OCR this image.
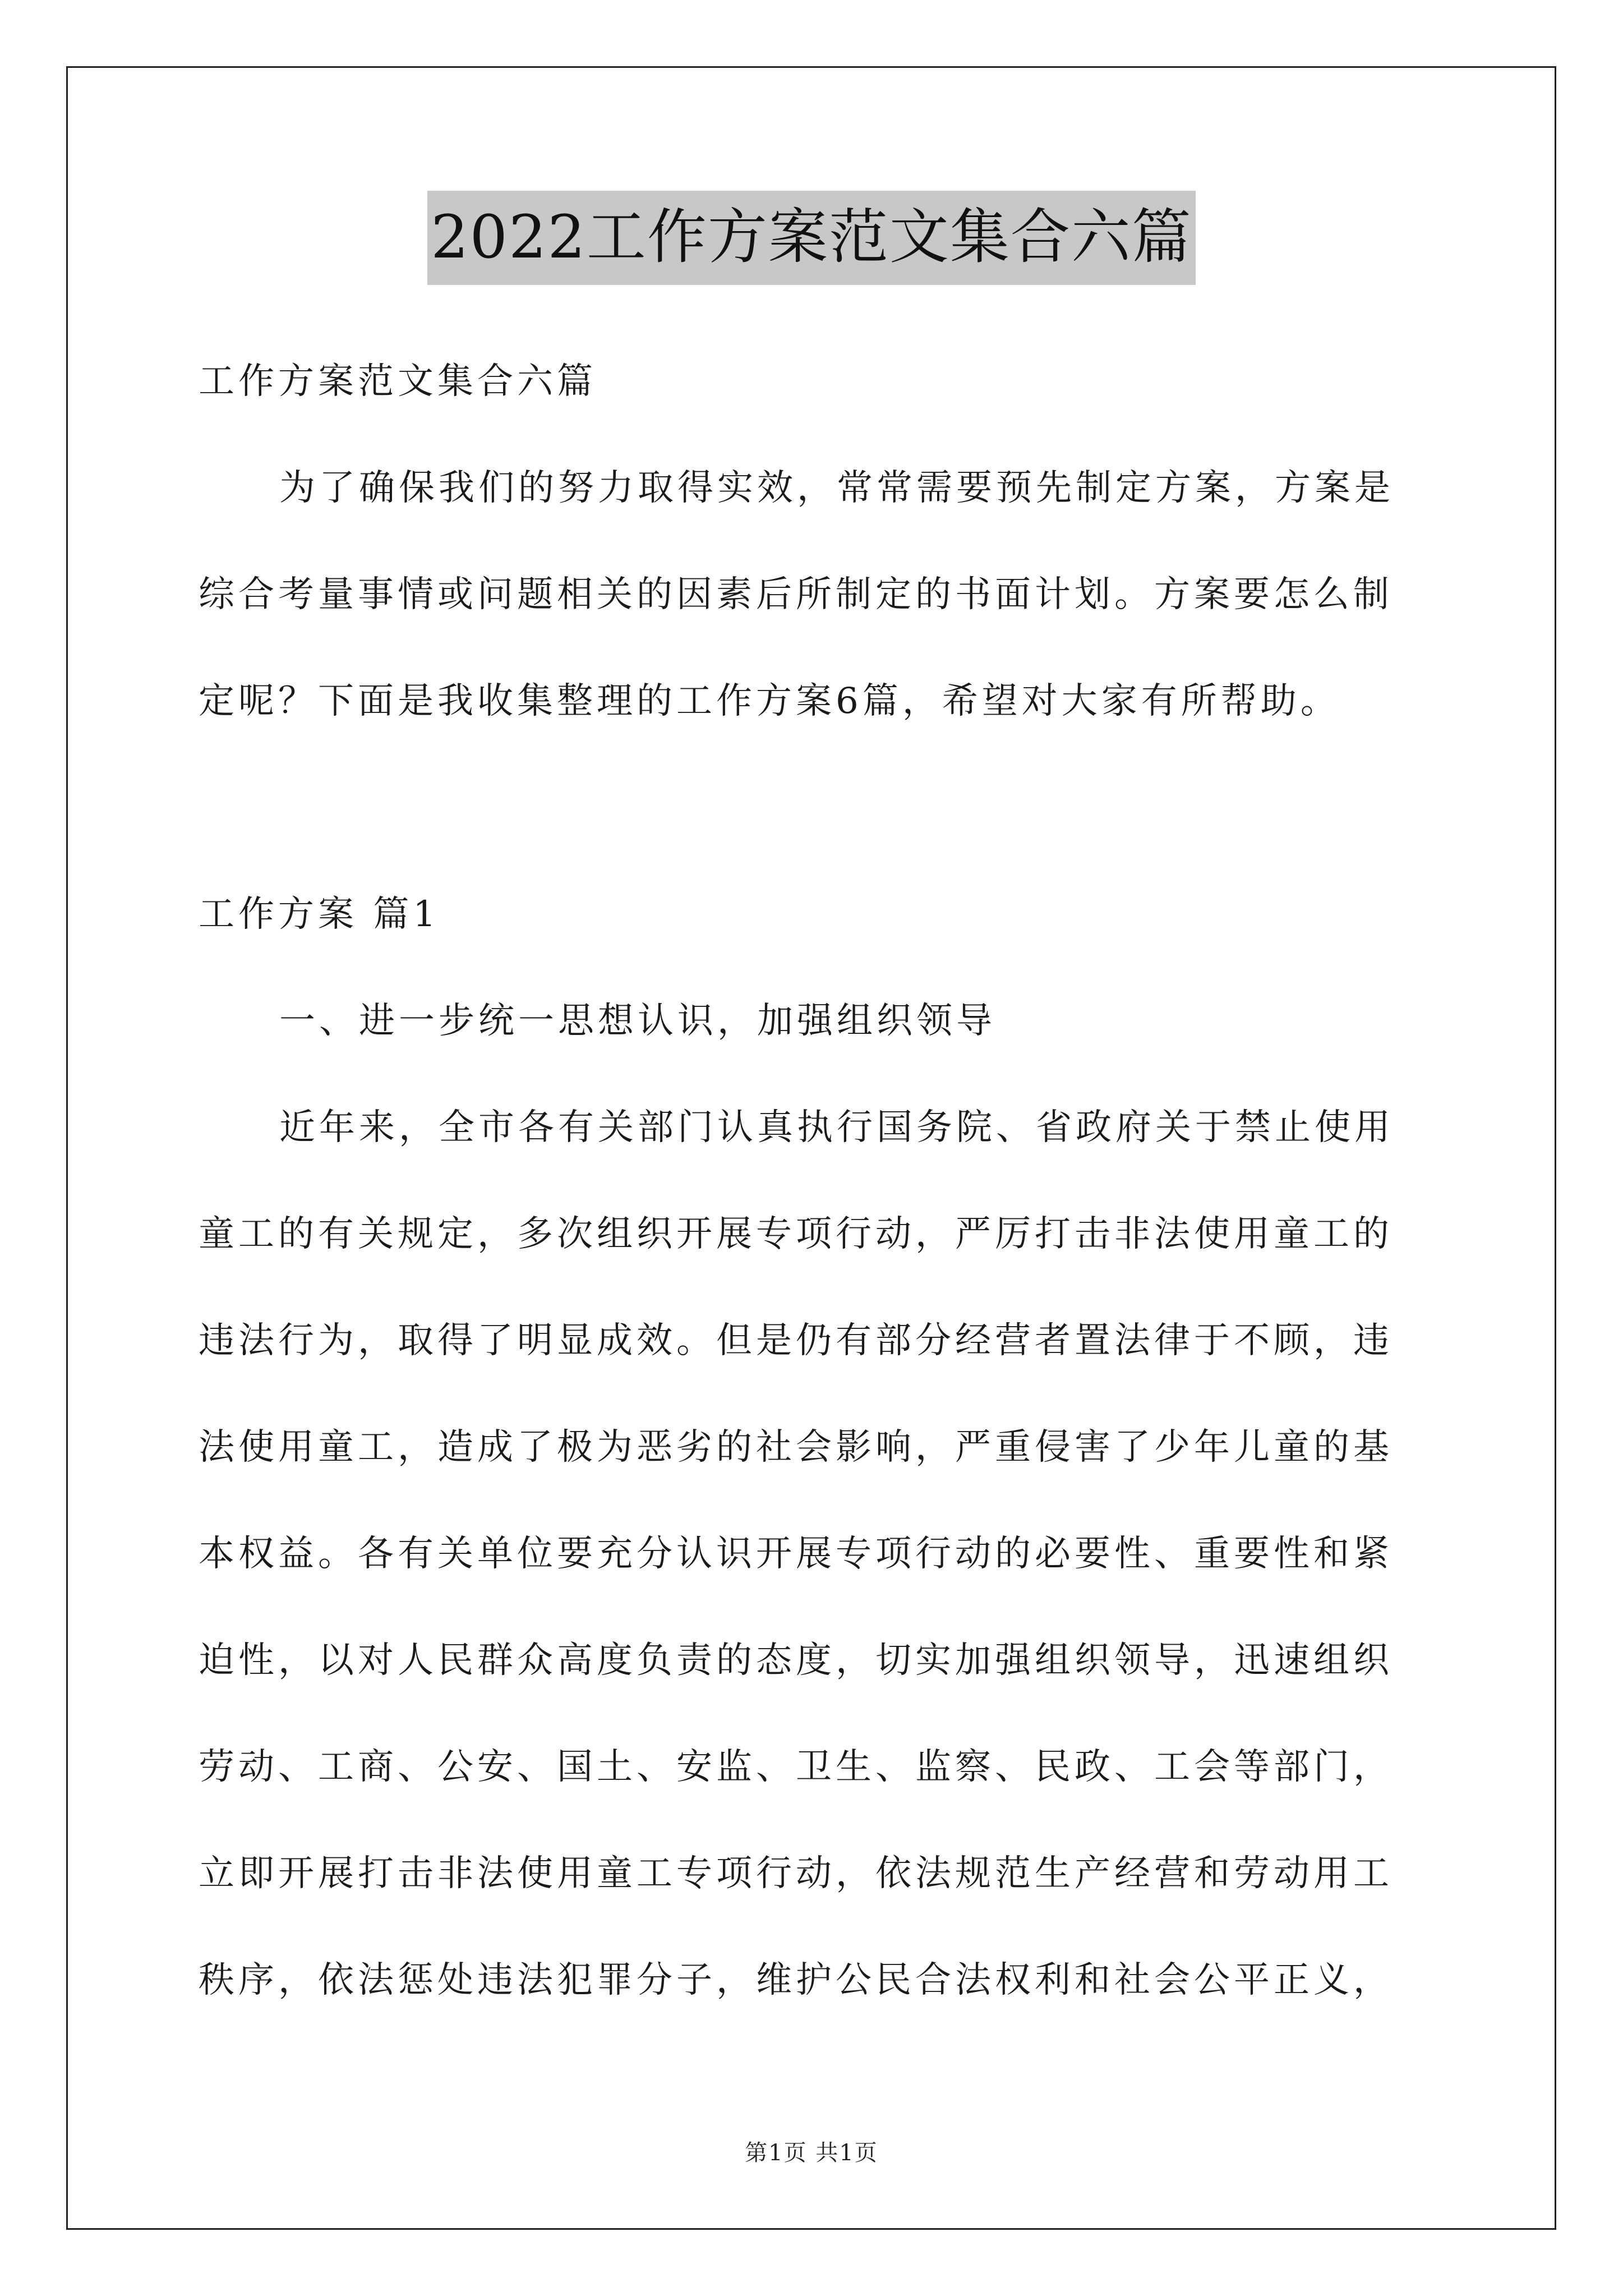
2022工作方案范文集合六篇
工作方案范文集合六篇
为了确保我们的努力取得实效，常常需要预先制定方案，方案是
综合考量事情或问题相关的因素后所制定的书面计划。方案要怎么制
定呢？下面是我收集整理的工作方案6篇，希望对大家有所帮助。
工作方案 篇1
一、进一步统一思想认识，加强组织领导
近年来，全市各有关部门认真执行国务院、省政府关于禁止使用
童工的有关规定，多次组织开展专项行动，严厉打击非法使用童工的
违法行为，取得了明显成效。但是仍有部分经营者置法律于不顾，违
法使用童工，造成了极为恶劣的社会影响，严重侵害了少年儿童的基
本权益。各有关单位要充分认识开展专项行动的必要性、重要性和紧
迫性，以对人民群众高度负责的态度，切实加强组织领导，迅速组织
劳动、工商、公安、国土、安监、卫生、监察、民政、工会等部门，
立即开展打击非法使用童工专项行动，依法规范生产经营和劳动用工
秩序，依法惩处违法犯罪分子，维护公民合法权利和社会公平正义，
第1页 共1页
